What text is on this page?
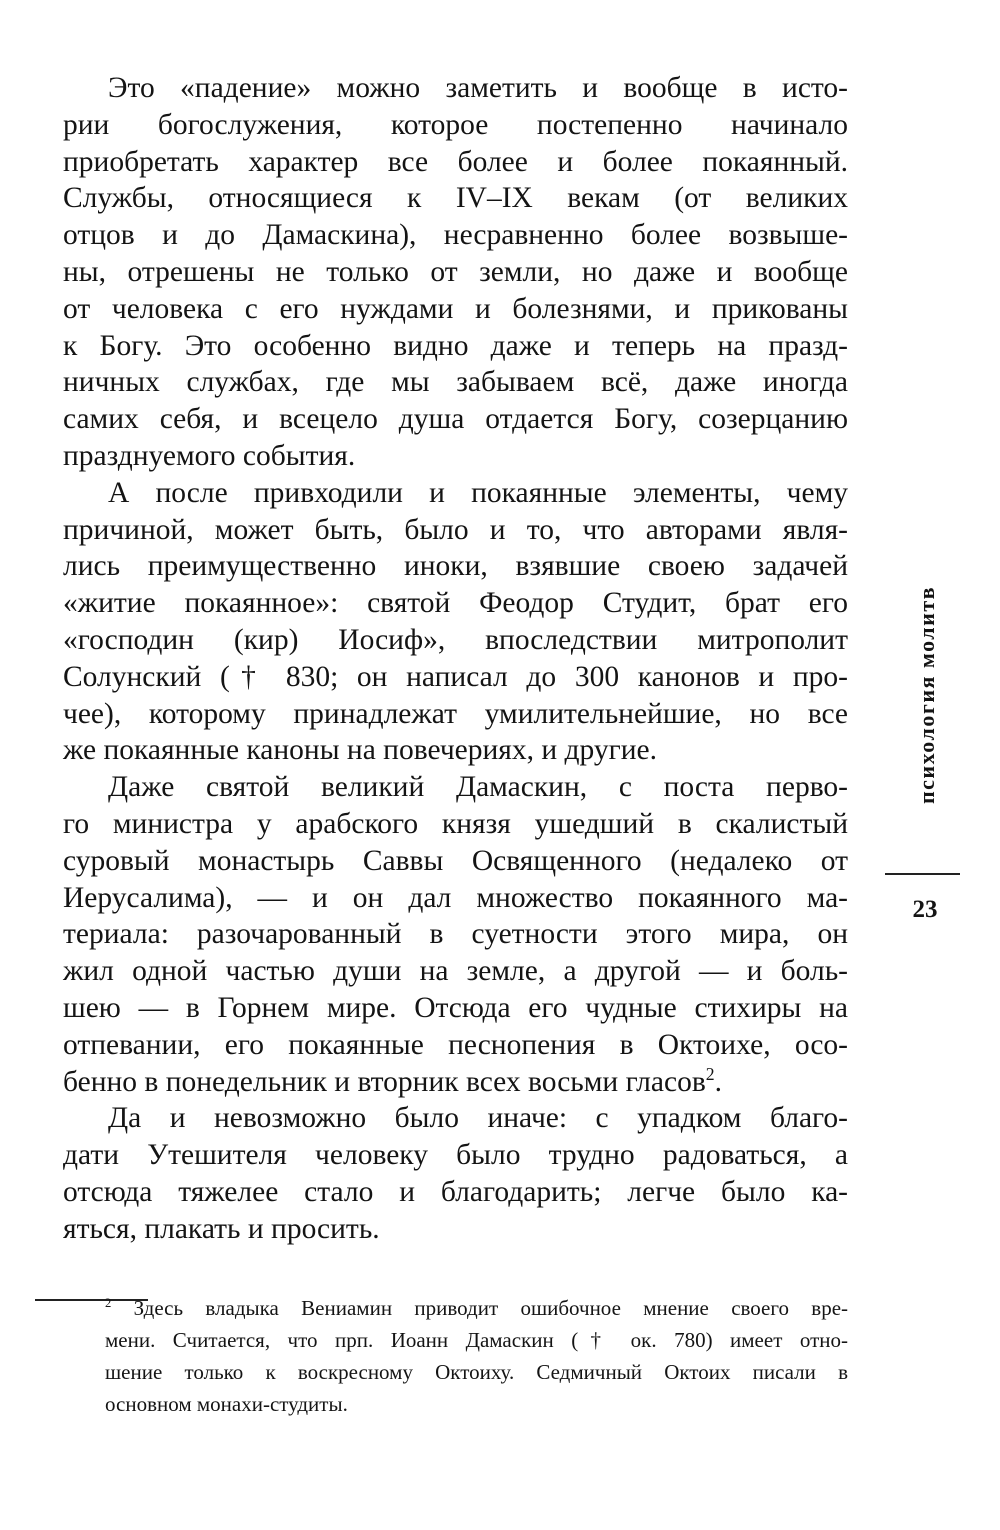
Это «падение» можно заметить и вообще в исто-
рии богослужения, которое постепенно начинало
приобретать характер все более и более покаянный.
Службы, относящиеся к IV–IX векам (от великих
отцов и до Дамаскина), несравненно более возвыше-
ны, отрешены не только от земли, но даже и вообще
от человека с его нуждами и болезнями, и прикованы
к Богу. Это особенно видно даже и теперь на празд-
ничных службах, где мы забываем всё, даже иногда
самих себя, и всецело душа отдается Богу, созерцанию
празднуемого события.
А после привходили и покаянные элементы, чему
причиной, может быть, было и то, что авторами явля-
лись преимущественно иноки, взявшие своею задачей
«житие покаянное»: святой Феодор Студит, брат его
«господин (кир) Иосиф», впоследствии митрополит
Солунский († 830; он написал до 300 канонов и про-
чее), которому принадлежат умилительнейшие, но все
же покаянные каноны на повечериях, и другие.
Даже святой великий Дамаскин, с поста перво-
го министра у арабского князя ушедший в скалистый
суровый монастырь Саввы Освященного (недалеко от
Иерусалима), — и он дал множество покаянного ма-
териала: разочарованный в суетности этого мира, он
жил одной частью души на земле, а другой — и боль-
шею — в Горнем мире. Отсюда его чудные стихиры на
отпевании, его покаянные песнопения в Октоихе, осо-
бенно в понедельник и вторник всех восьми гласов$^2$.
Да и невозможно было иначе: с упадком благо-
дати Утешителя человеку было трудно радоваться, а
отсюда тяжелее стало и благодарить; легче было ка-
яться, плакать и просить.
$^2$ Здесь владыка Вениамин приводит ошибочное мнение своего вре-
мени. Считается, что прп. Иоанн Дамаскин († ок. 780) имеет отно-
шение только к воскресному Октоиху. Седмичный Октоих писали в
основном монахи-студиты.
психология молитв
23
